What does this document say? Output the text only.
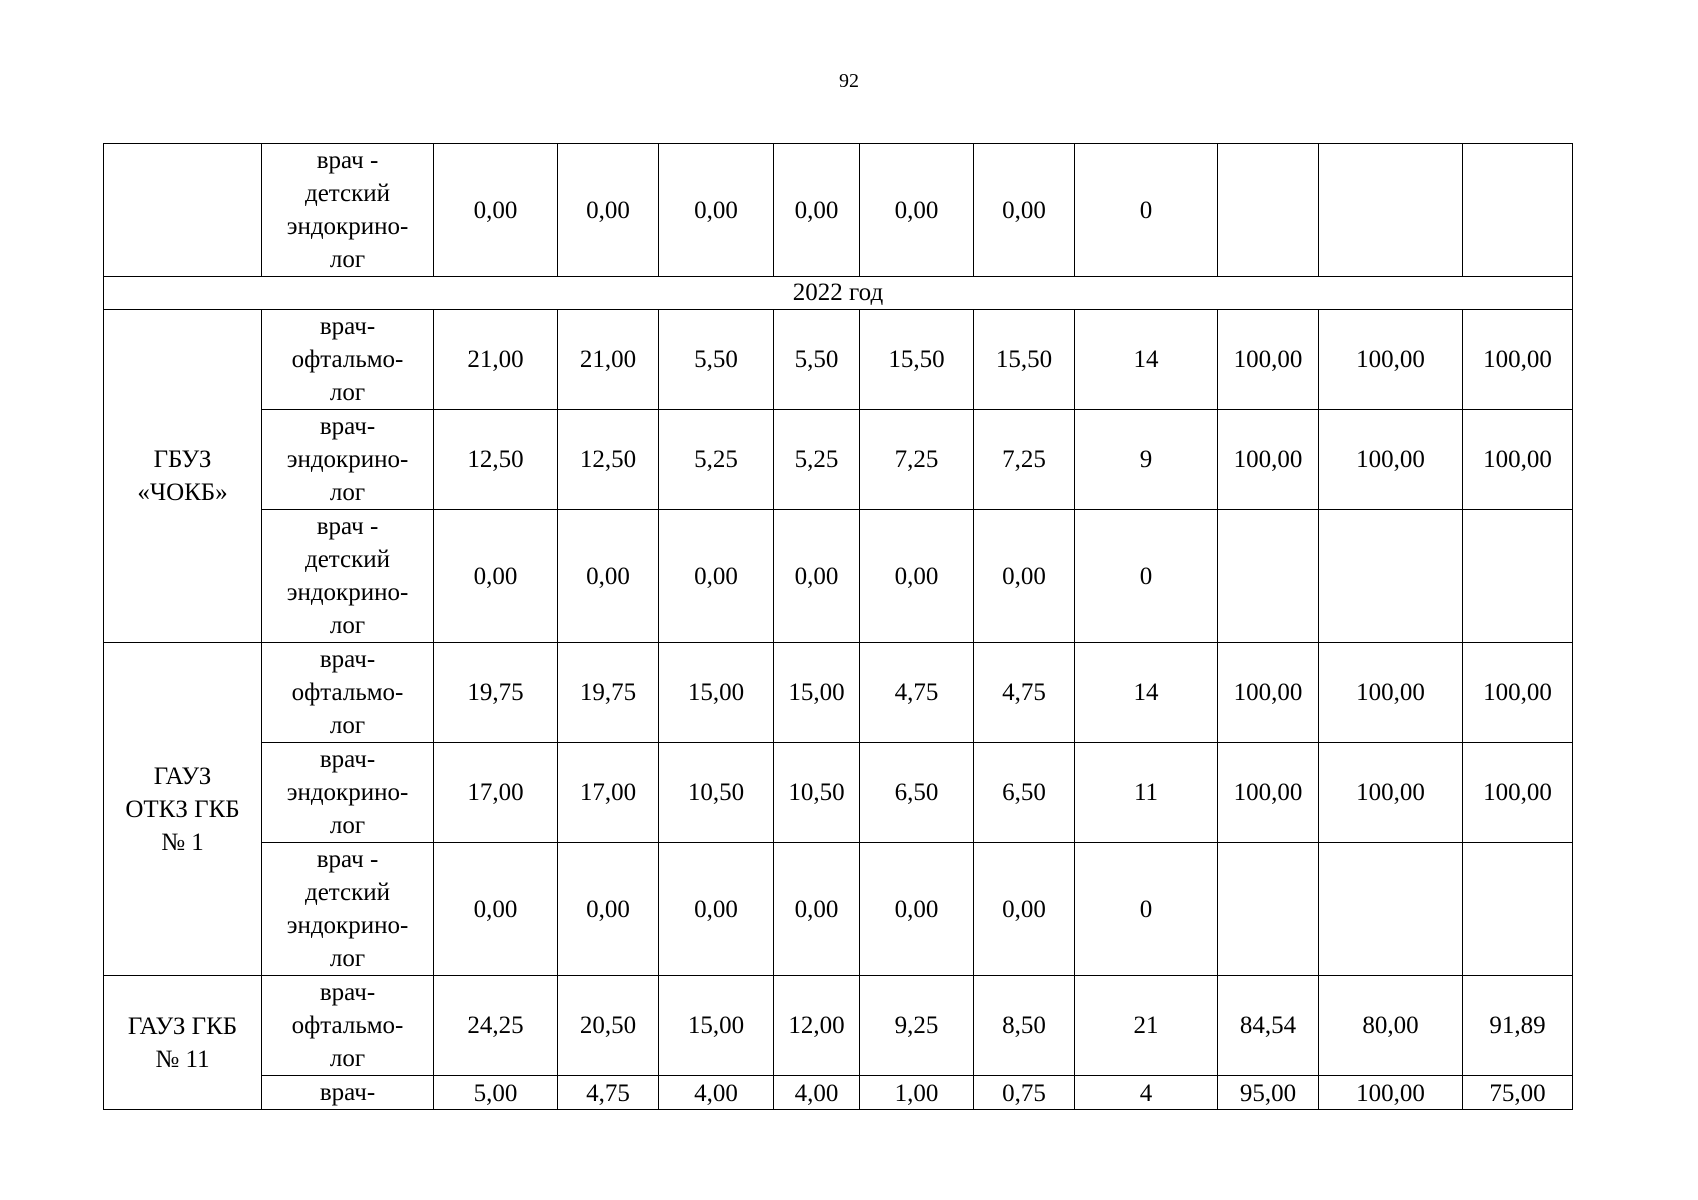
92
	врач -
детский
эндокрино-
лог	0,00	0,00	0,00	0,00	0,00	0,00	0			
2022 год											
ГБУЗ
«ЧОКБ»	врач-
офтальмо-
лог	21,00	21,00	5,50	5,50	15,50	15,50	14	100,00	100,00	100,00
	врач-
эндокрино-
лог	12,50	12,50	5,25	5,25	7,25	7,25	9	100,00	100,00	100,00
	врач -
детский
эндокрино-
лог	0,00	0,00	0,00	0,00	0,00	0,00	0			
ГАУЗ
ОТКЗ ГКБ
№ 1	врач-
офтальмо-
лог	19,75	19,75	15,00	15,00	4,75	4,75	14	100,00	100,00	100,00
	врач-
эндокрино-
лог	17,00	17,00	10,50	10,50	6,50	6,50	11	100,00	100,00	100,00
	врач -
детский
эндокрино-
лог	0,00	0,00	0,00	0,00	0,00	0,00	0			
ГАУЗ ГКБ
№ 11	врач-
офтальмо-
лог	24,25	20,50	15,00	12,00	9,25	8,50	21	84,54	80,00	91,89
	врач-	5,00	4,75	4,00	4,00	1,00	0,75	4	95,00	100,00	75,00
